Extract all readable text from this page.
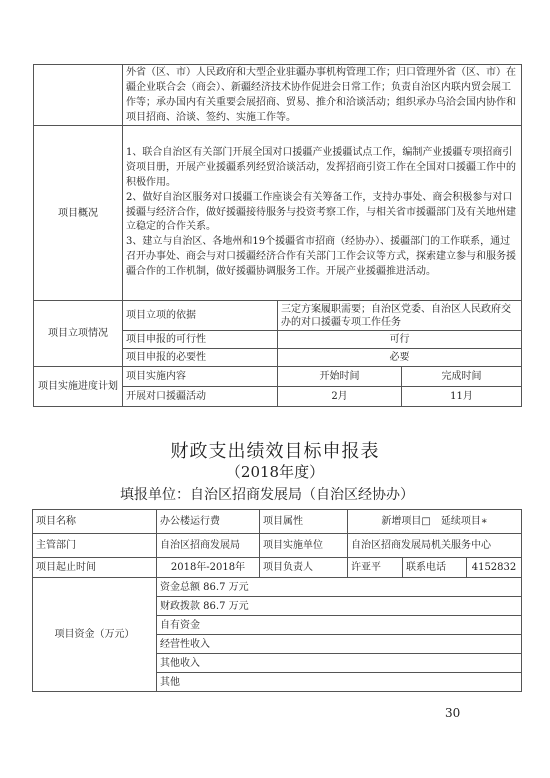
	外省（区、市）人民政府和大型企业驻疆办事机构管理工作；归口管理外省（区、市）在疆企业联合会（商会）、新疆经济技术协作促进会日常工作；负责自治区内联内贸会展工作等；承办国内有关重要会展招商、贸易、推介和洽谈活动；组织承办乌洽会国内协作和项目招商、洽谈、签约、实施工作等。		
项目概况	1、联合自治区有关部门开展全国对口援疆产业援疆试点工作，编制产业援疆专项招商引资项目册，开展产业援疆系列经贸洽谈活动，发挥招商引资工作在全国对口援疆工作中的积极作用。
2、做好自治区服务对口援疆工作座谈会有关筹备工作，支持办事处、商会积极参与对口援疆与经济合作，做好援疆接待服务与投资考察工作，与相关省市援疆部门及有关地州建立稳定的合作关系。
3、建立与自治区、各地州和19个援疆省市招商（经协办）、援疆部门的工作联系，通过召开办事处、商会与对口援疆经济合作有关部门工作会议等方式，探索建立参与和服务援疆合作的工作机制，做好援疆协调服务工作。开展产业援疆推进活动。		
项目立项情况	项目立项的依据	三定方案履职需要；自治区党委、自治区人民政府交办的对口援疆专项工作任务	
	项目申报的可行性	可行	
	项目申报的必要性	必要	
项目实施进度计划	项目实施内容	开始时间	完成时间
	开展对口援疆活动	2月	11月
财政支出绩效目标申报表
（2018年度）
填报单位：自治区招商发展局（自治区经协办）
项目名称	办公楼运行费	项目属性	新增项目□　延续项目∗		
主管部门	自治区招商发展局	项目实施单位	自治区招商发展局机关服务中心		
项目起止时间	2018年-2018年	项目负责人	许亚平	联系电话	4152832
项目资金（万元）	资金总额 86.7 万元				
	财政拨款 86.7 万元				
	自有资金				
	经营性收入				
	其他收入				
	其他				
30
